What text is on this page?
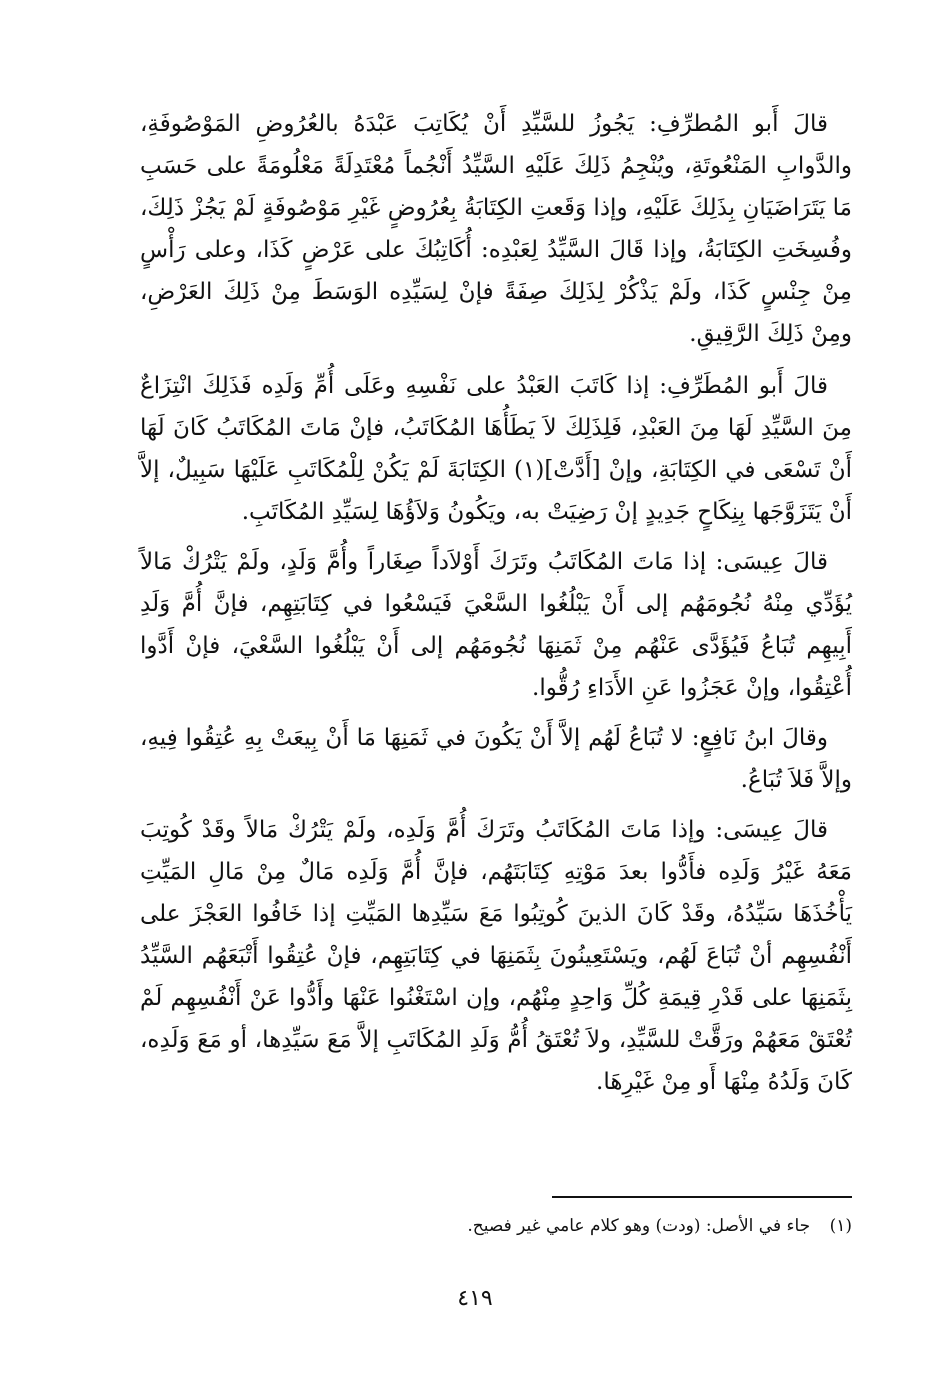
قالَ أَبو المُطرِّفِ: يَجُوزُ للسَّيِّدِ أَنْ يُكَاتِبَ عَبْدَهُ بالعُرُوضِ المَوْصُوفَةِ، والدَّوابِ المَنْعُوتَةِ، ويُنْجِمُ ذَلِكَ عَلَيْهِ السَّيِّدُ أَنْجُماً مُعْتَدِلَةً مَعْلُومَةً على حَسَبِ مَا يَتَرَاضَيَانِ بِذَلِكَ عَلَيْهِ، وإذا وَقَعتِ الكِتَابَةُ بِعُرُوضٍ غَيْرِ مَوْصُوفَةٍ لَمْ يَجُزْ ذَلِكَ، وفُسِخَتِ الكِتَابَةُ، وإذا قَالَ السَّيِّدُ لِعَبْدِه: أُكَاتِبُكَ على عَرْضٍ كَذَا، وعلى رَأْسٍ مِنْ جِنْسٍ كَذَا، ولَمْ يَذْكُرْ لِذَلِكَ صِفَةً فإنْ لِسَيِّدِه الوَسَطَ مِنْ ذَلِكَ العَرْضِ، ومِنْ ذَلِكَ الرَّقِيقِ.

قالَ أَبو المُطَرِّفِ: إذا كَاتَبَ العَبْدُ على نَفْسِهِ وعَلَى أُمِّ وَلَدِه فَذَلِكَ انْتِزَاعٌ مِنَ السَّيِّدِ لَهَا مِنَ العَبْدِ، فَلِذَلِكَ لاَ يَطَأُهَا المُكَاتَبُ، فإنْ مَاتَ المُكَاتَبُ كَانَ لَهَا أَنْ تَسْعَى في الكِتَابَةِ، وإنْ [أَدَّتْ](١) الكِتَابَةَ لَمْ يَكُنْ لِلْمُكَاتَبِ عَلَيْهَا سَبِيلٌ، إلاَّ أَنْ يَتَزَوَّجَها بِنِكَاحٍ جَدِيدٍ إنْ رَضِيَتْ به، ويَكُونُ وَلاَؤُهَا لِسَيِّدِ المُكَاتَبِ.

قالَ عِيسَى: إذا مَاتَ المُكَاتَبُ وتَرَكَ أَوْلاَداً صِغَاراً وأُمَّ وَلَدٍ، ولَمْ يَتْرُكْ مَالاً يُؤَدِّي مِنْهُ نُجُومَهُم إلى أَنْ يَبْلُغُوا السَّعْيَ فَيَسْعُوا في كِتَابَتِهِم، فإنَّ أُمَّ وَلَدِ أَبِيهِم تُبَاعُ فَيُؤَدَّى عَنْهُم مِنْ ثَمَنِهَا نُجُومَهُم إلى أَنْ يَبْلُغُوا السَّعْيَ، فإنْ أَدَّوا أُعْتِقُوا، وإنْ عَجَزُوا عَنِ الأَدَاءِ رُقُّوا.

وقالَ ابنُ نَافِعٍ: لا تُبَاعُ لَهُم إلاَّ أَنْ يَكُونَ في ثَمَنِهَا مَا أَنْ بِيعَتْ بِهِ عُتِقُوا فِيهِ، وإلاَّ فَلاَ تُبَاعُ.

قالَ عِيسَى: وإذا مَاتَ المُكَاتَبُ وتَرَكَ أُمَّ وَلَدِه، ولَمْ يَتْرُكْ مَالاً وقَدْ كُوتِبَ مَعَهُ غَيْرُ وَلَدِه فأَدُّوا بعدَ مَوْتِهِ كِتَابَتَهُم، فإنَّ أُمَّ وَلَدِه مَالٌ مِنْ مَالِ المَيِّتِ يَأْخُذَهَا سَيِّدُهُ، وقَدْ كَانَ الذينَ كُوتِبُوا مَعَ سَيِّدِها المَيِّتِ إذا خَافُوا العَجْزَ على أَنْفُسِهِم أنْ تُبَاعَ لَهُم، ويَسْتَعِينُونَ بِثَمَنِهَا في كِتَابَتِهِم، فإنْ عُتِقُوا أَتْبَعَهُم السَّيِّدُ بِثَمَنِهَا على قَدْرِ قِيمَةِ كُلِّ وَاحِدٍ مِنْهُم، وإن اسْتَغْنُوا عَنْهَا وأَدُّوا عَنْ أَنْفُسِهِم لَمْ تُعْتَقْ مَعَهُمْ ورَقَّتْ للسَّيِّدِ، ولاَ تُعْتَقُ أُمُّ وَلَدِ المُكَاتَبِ إلاَّ مَعَ سَيِّدِها، أو مَعَ وَلَدِه، كَانَ وَلَدُهُ مِنْهَا أَو مِنْ غَيْرِهَا.

(١) جاء في الأصل: (ودت) وهو كلام عامي غير فصيح.
٤١٩
